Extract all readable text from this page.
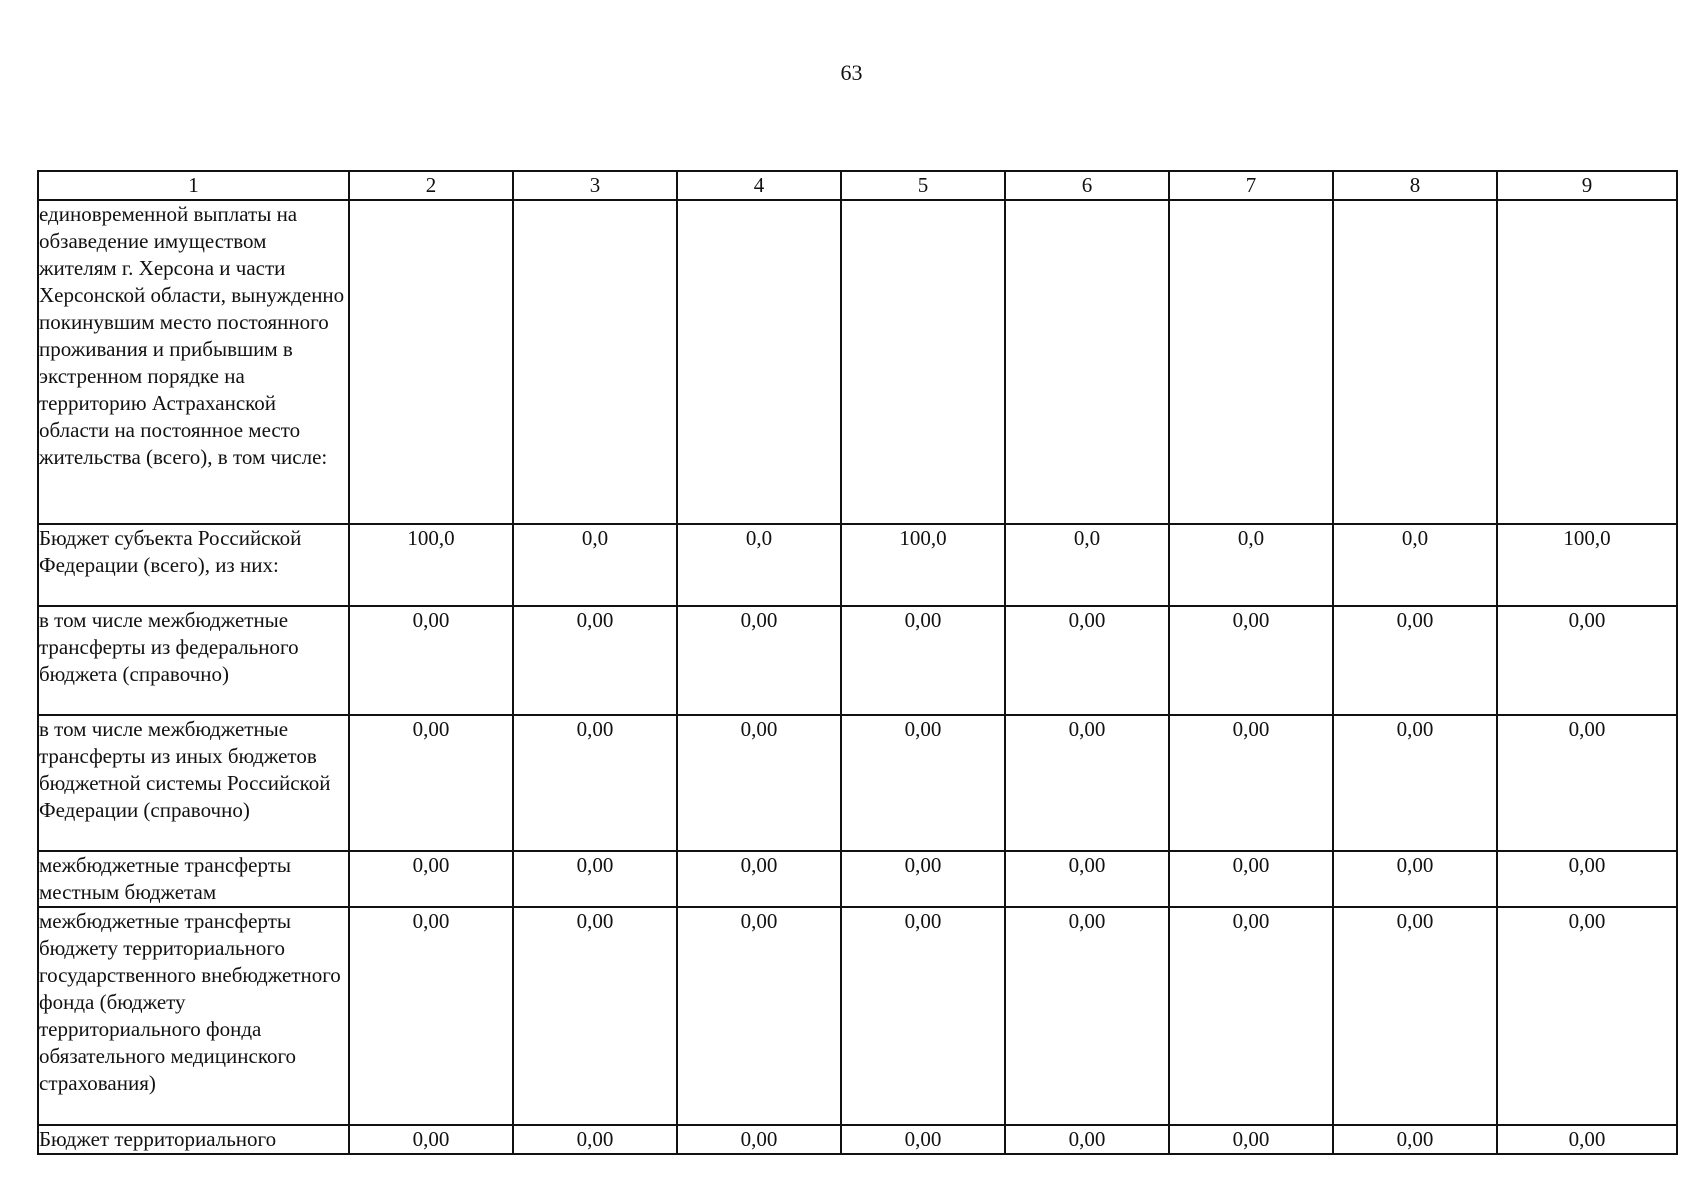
63
1	2	3	4	5	6	7	8	9
единовременной выплаты на обзаведение имуществом жителям г. Херсона и части Херсонской области, вынужденно покинувшим место постоянного проживания и прибывшим в экстренном порядке на территорию Астраханской области на постоянное место жительства (всего), в том числе:								
Бюджет субъекта Российской Федерации (всего), из них:	100,0	0,0	0,0	100,0	0,0	0,0	0,0	100,0
в том числе межбюджетные трансферты из федерального бюджета (справочно)	0,00	0,00	0,00	0,00	0,00	0,00	0,00	0,00
в том числе межбюджетные трансферты из иных бюджетов бюджетной системы Российской Федерации (справочно)	0,00	0,00	0,00	0,00	0,00	0,00	0,00	0,00
межбюджетные трансферты местным бюджетам	0,00	0,00	0,00	0,00	0,00	0,00	0,00	0,00
межбюджетные трансферты бюджету территориального государственного внебюджетного фонда (бюджету территориального фонда обязательного медицинского страхования)	0,00	0,00	0,00	0,00	0,00	0,00	0,00	0,00
Бюджет территориального	0,00	0,00	0,00	0,00	0,00	0,00	0,00	0,00
